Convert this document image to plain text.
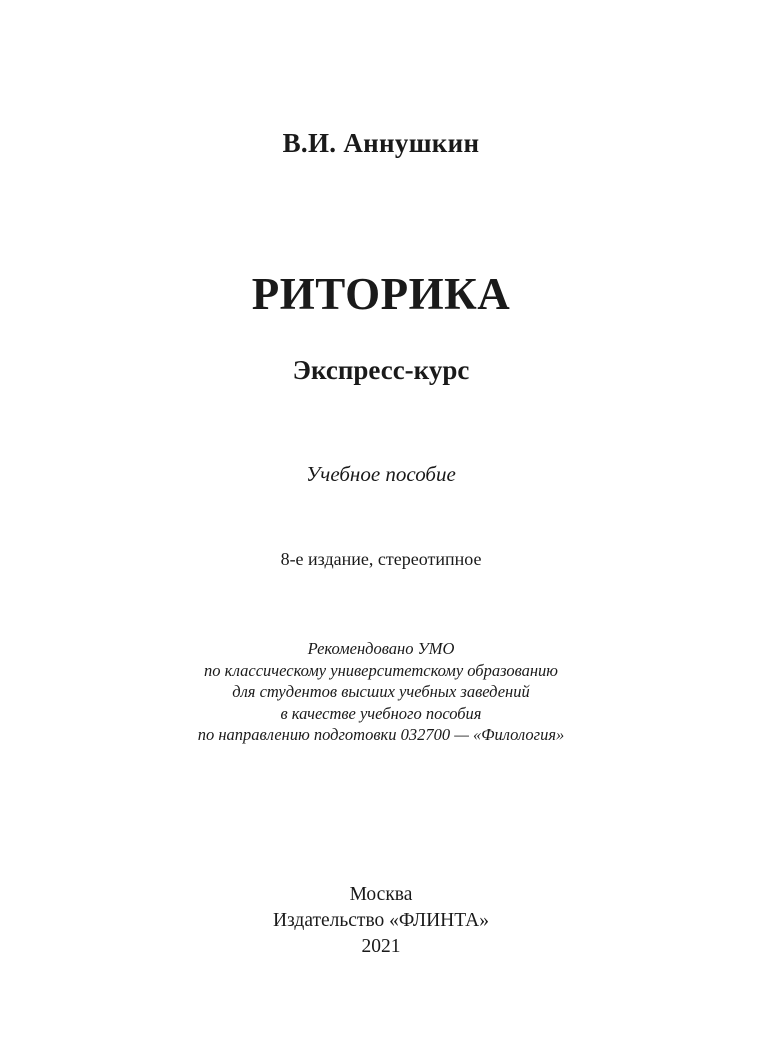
В.И. Аннушкин
РИТОРИКА
Экспресс-курс
Учебное пособие
8-е издание, стереотипное
Рекомендовано УМО
по классическому университетскому образованию
для студентов высших учебных заведений
в качестве учебного пособия
по направлению подготовки 032700 — «Филология»
Москва
Издательство «ФЛИНТА»
2021
